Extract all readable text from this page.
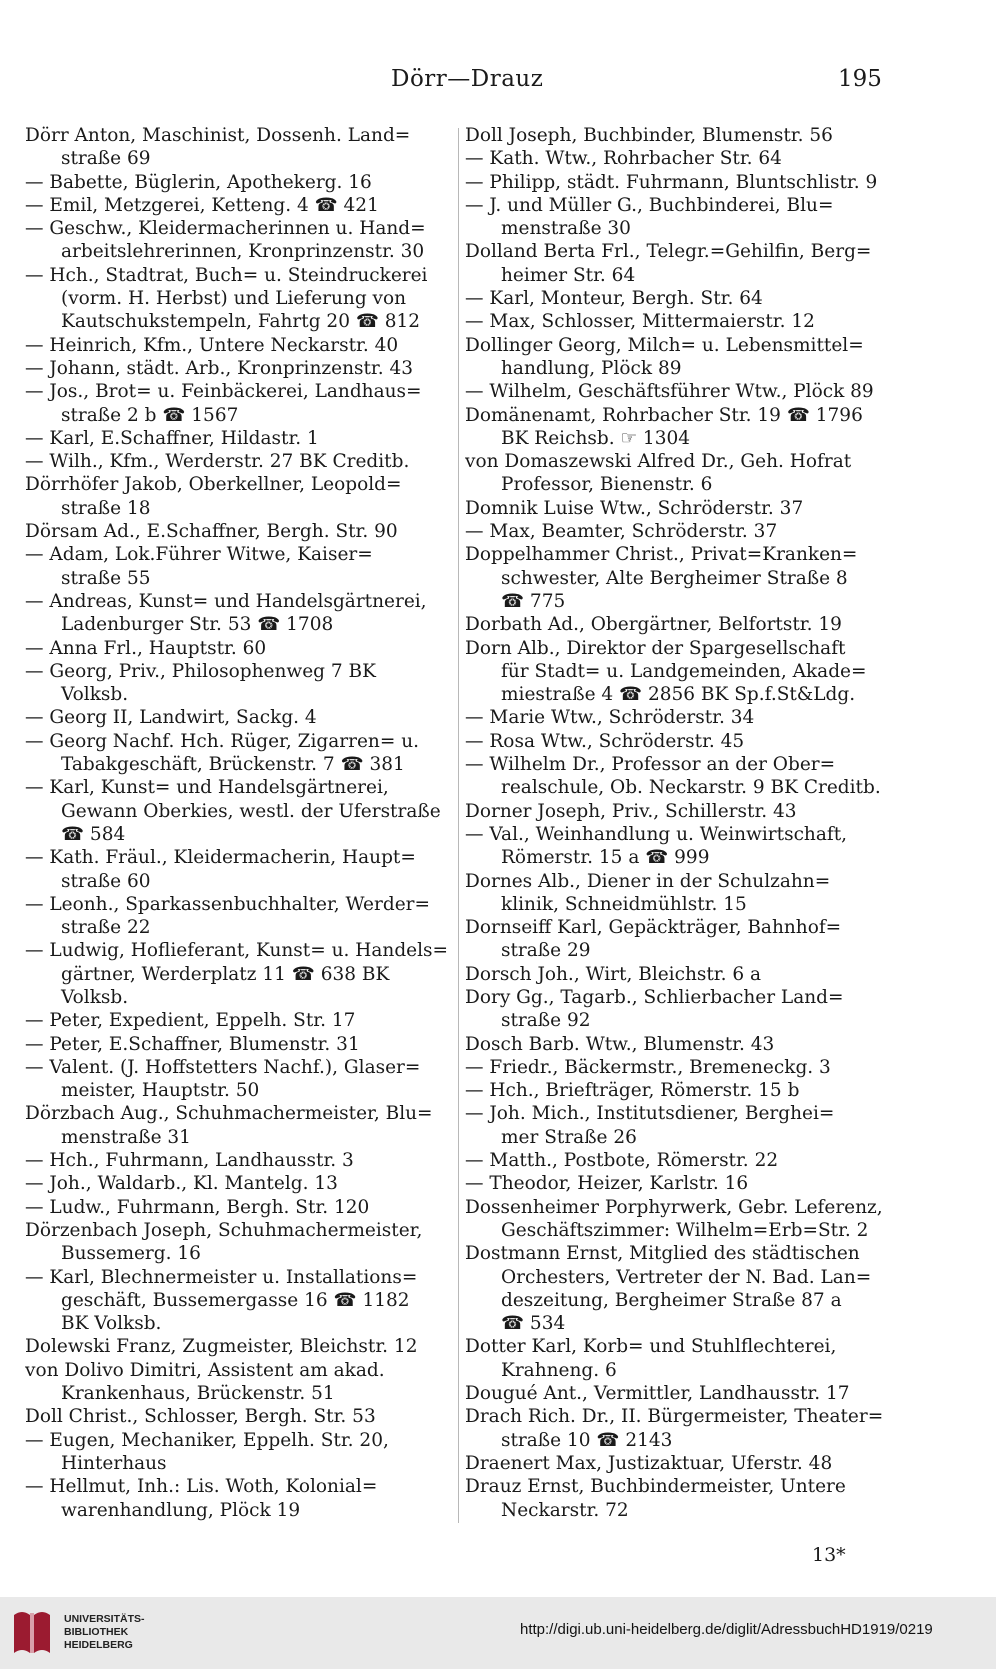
Dörr—Drauz	195
Dörr Anton, Maschinist, Dossenh. Land=
straße 69
— Babette, Büglerin, Apothekerg. 16
— Emil, Metzgerei, Ketteng. 4 ☎ 421
— Geschw., Kleidermacherinnen u. Hand=
arbeitslehrerinnen, Kronprinzenstr. 30
— Hch., Stadtrat, Buch= u. Steindruckerei
(vorm. H. Herbst) und Lieferung von
Kautschukstempeln, Fahrtg 20 ☎ 812
— Heinrich, Kfm., Untere Neckarstr. 40
— Johann, städt. Arb., Kronprinzenstr. 43
— Jos., Brot= u. Feinbäckerei, Landhaus=
straße 2 b ☎ 1567
— Karl, E.Schaffner, Hildastr. 1
— Wilh., Kfm., Werderstr. 27 BK Creditb.
Dörrhöfer Jakob, Oberkellner, Leopold=
straße 18
Dörsam Ad., E.Schaffner, Bergh. Str. 90
— Adam, Lok.Führer Witwe, Kaiser=
straße 55
— Andreas, Kunst= und Handelsgärtnerei,
Ladenburger Str. 53 ☎ 1708
— Anna Frl., Hauptstr. 60
— Georg, Priv., Philosophenweg 7 BK
Volksb.
— Georg II, Landwirt, Sackg. 4
— Georg Nachf. Hch. Rüger, Zigarren= u.
Tabakgeschäft, Brückenstr. 7 ☎ 381
— Karl, Kunst= und Handelsgärtnerei,
Gewann Oberkies, westl. der Uferstraße
☎ 584
— Kath. Fräul., Kleidermacherin, Haupt=
straße 60
— Leonh., Sparkassenbuchhalter, Werder=
straße 22
— Ludwig, Hoflieferant, Kunst= u. Handels=
gärtner, Werderplatz 11 ☎ 638 BK
Volksb.
— Peter, Expedient, Eppelh. Str. 17
— Peter, E.Schaffner, Blumenstr. 31
— Valent. (J. Hoffstetters Nachf.), Glaser=
meister, Hauptstr. 50
Dörzbach Aug., Schuhmachermeister, Blu=
menstraße 31
— Hch., Fuhrmann, Landhausstr. 3
— Joh., Waldarb., Kl. Mantelg. 13
— Ludw., Fuhrmann, Bergh. Str. 120
Dörzenbach Joseph, Schuhmachermeister,
Bussemerg. 16
— Karl, Blechnermeister u. Installations=
geschäft, Bussemergasse 16 ☎ 1182
BK Volksb.
Dolewski Franz, Zugmeister, Bleichstr. 12
von Dolivo Dimitri, Assistent am akad.
Krankenhaus, Brückenstr. 51
Doll Christ., Schlosser, Bergh. Str. 53
— Eugen, Mechaniker, Eppelh. Str. 20,
Hinterhaus
— Hellmut, Inh.: Lis. Woth, Kolonial=
warenhandlung, Plöck 19
Doll Joseph, Buchbinder, Blumenstr. 56
— Kath. Wtw., Rohrbacher Str. 64
— Philipp, städt. Fuhrmann, Bluntschlistr. 9
— J. und Müller G., Buchbinderei, Blu=
menstraße 30
Dolland Berta Frl., Telegr.=Gehilfin, Berg=
heimer Str. 64
— Karl, Monteur, Bergh. Str. 64
— Max, Schlosser, Mittermaierstr. 12
Dollinger Georg, Milch= u. Lebensmittel=
handlung, Plöck 89
— Wilhelm, Geschäftsführer Wtw., Plöck 89
Domänenamt, Rohrbacher Str. 19 ☎ 1796
BK Reichsb. ☞ 1304
von Domaszewski Alfred Dr., Geh. Hofrat
Professor, Bienenstr. 6
Domnik Luise Wtw., Schröderstr. 37
— Max, Beamter, Schröderstr. 37
Doppelhammer Christ., Privat=Kranken=
schwester, Alte Bergheimer Straße 8
☎ 775
Dorbath Ad., Obergärtner, Belfortstr. 19
Dorn Alb., Direktor der Spargesellschaft
für Stadt= u. Landgemeinden, Akade=
miestraße 4 ☎ 2856 BK Sp.f.St&Ldg.
— Marie Wtw., Schröderstr. 34
— Rosa Wtw., Schröderstr. 45
— Wilhelm Dr., Professor an der Ober=
realschule, Ob. Neckarstr. 9 BK Creditb.
Dorner Joseph, Priv., Schillerstr. 43
— Val., Weinhandlung u. Weinwirtschaft,
Römerstr. 15 a ☎ 999
Dornes Alb., Diener in der Schulzahn=
klinik, Schneidmühlstr. 15
Dornseiff Karl, Gepäckträger, Bahnhof=
straße 29
Dorsch Joh., Wirt, Bleichstr. 6 a
Dory Gg., Tagarb., Schlierbacher Land=
straße 92
Dosch Barb. Wtw., Blumenstr. 43
— Friedr., Bäckermstr., Bremeneckg. 3
— Hch., Briefträger, Römerstr. 15 b
— Joh. Mich., Institutsdiener, Berghei=
mer Straße 26
— Matth., Postbote, Römerstr. 22
— Theodor, Heizer, Karlstr. 16
Dossenheimer Porphyrwerk, Gebr. Leferenz,
Geschäftszimmer: Wilhelm=Erb=Str. 2
Dostmann Ernst, Mitglied des städtischen
Orchesters, Vertreter der N. Bad. Lan=
deszeitung, Bergheimer Straße 87 a
☎ 534
Dotter Karl, Korb= und Stuhlflechterei,
Krahneng. 6
Dougué Ant., Vermittler, Landhausstr. 17
Drach Rich. Dr., II. Bürgermeister, Theater=
straße 10 ☎ 2143
Draenert Max, Justizaktuar, Uferstr. 48
Drauz Ernst, Buchbindermeister, Untere
Neckarstr. 72
13*
UNIVERSITÄTS-
BIBLIOTHEK
HEIDELBERG
http://digi.ub.uni-heidelberg.de/diglit/AdressbuchHD1919/0219
